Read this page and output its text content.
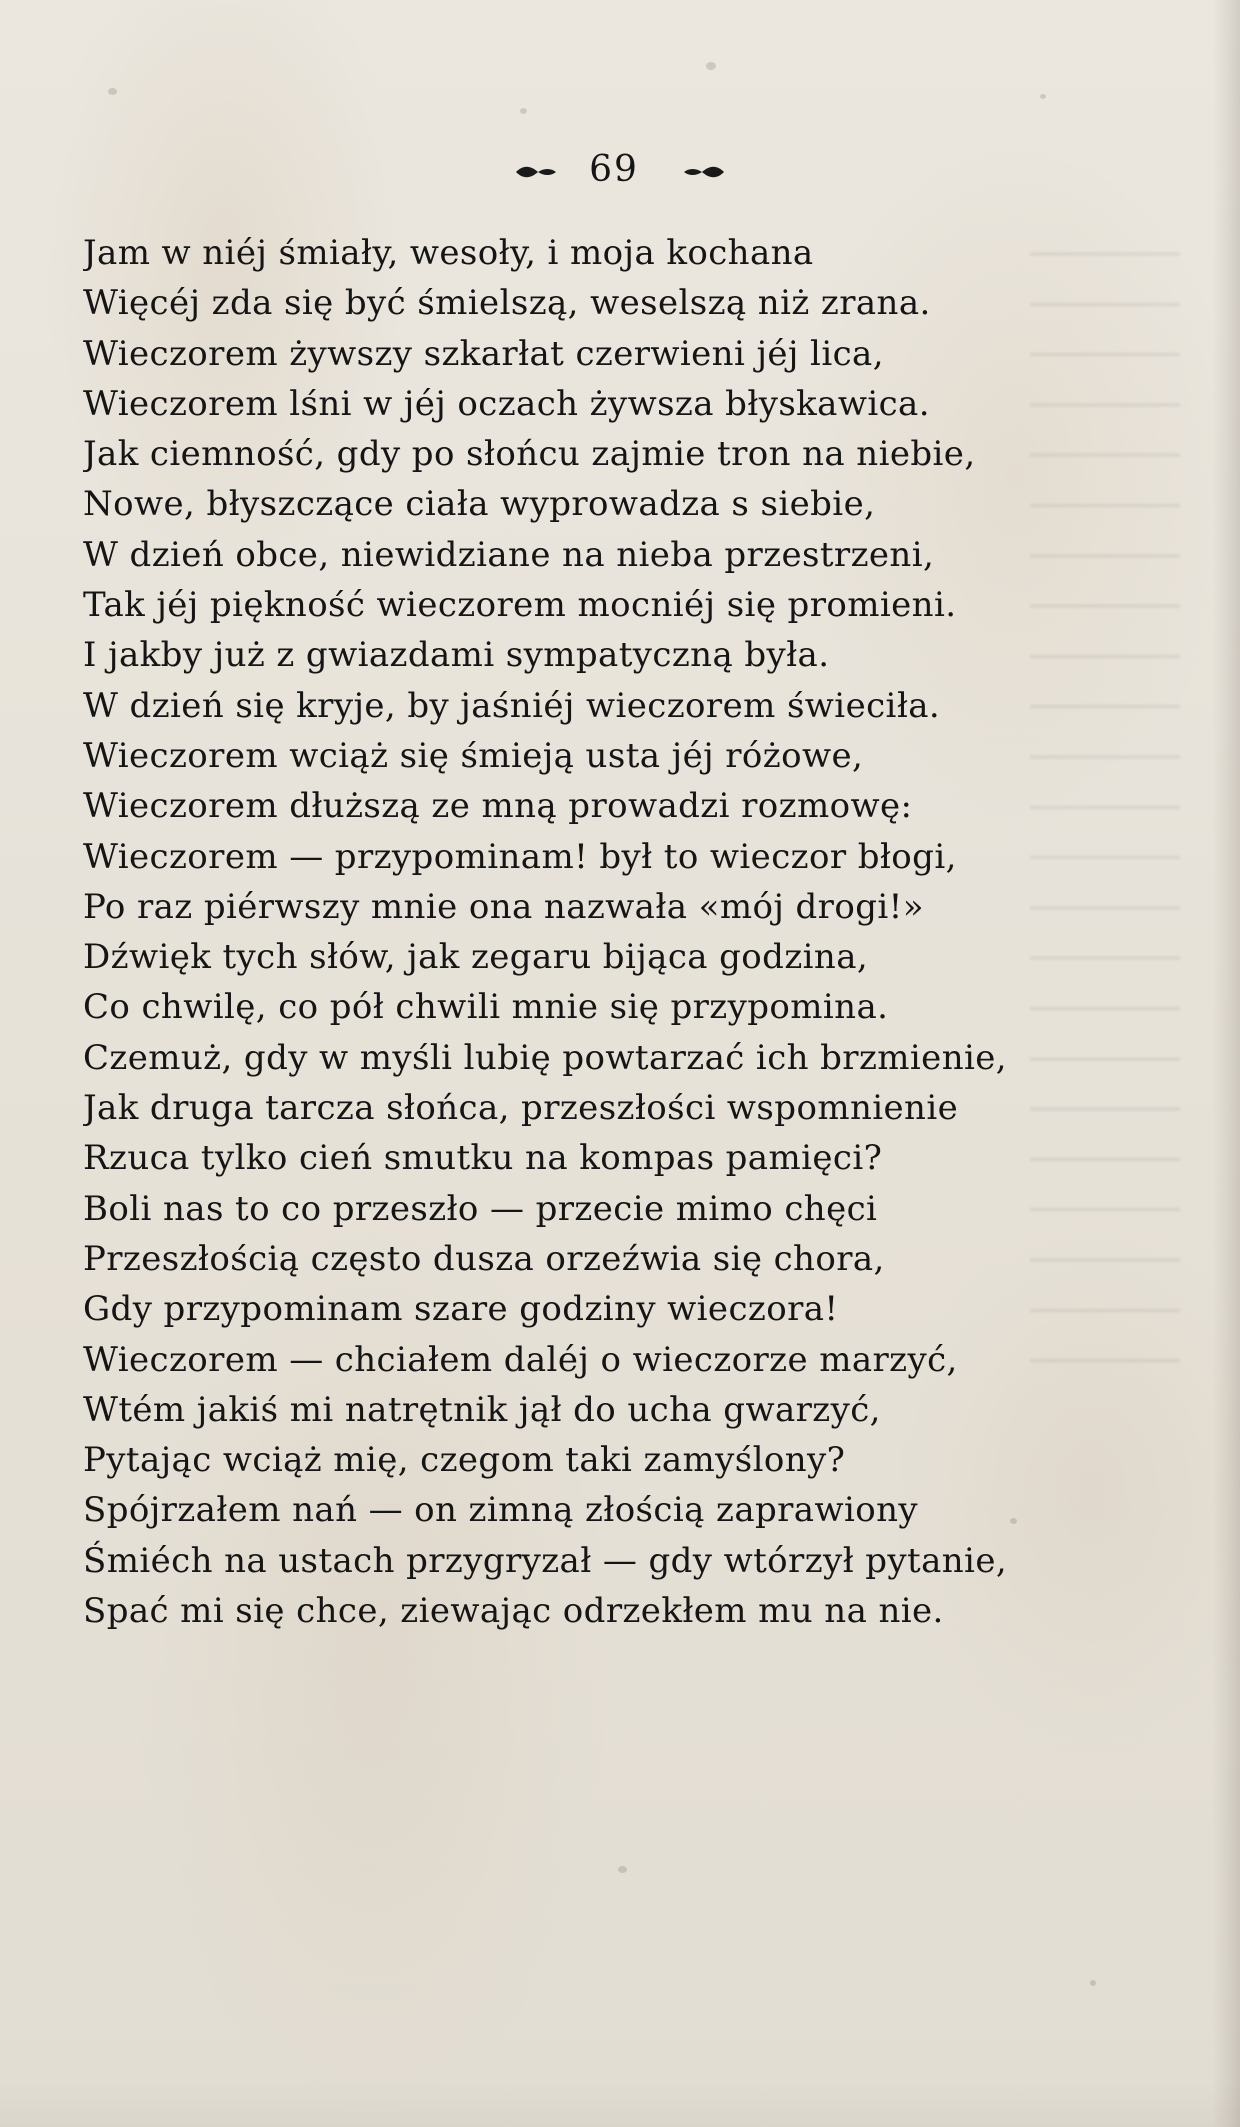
69
Jam w niéj śmiały, wesoły, i moja kochana
Więcéj zda się być śmielszą, weselszą niż zrana.
Wieczorem żywszy szkarłat czerwieni jéj lica,
Wieczorem lśni w jéj oczach żywsza błyskawica.
Jak ciemność, gdy po słońcu zajmie tron na niebie,
Nowe, błyszczące ciała wyprowadza s siebie,
W dzień obce, niewidziane na nieba przestrzeni,
Tak jéj piękność wieczorem mocniéj się promieni.
I jakby już z gwiazdami sympatyczną była.
W dzień się kryje, by jaśniéj wieczorem świeciła.
Wieczorem wciąż się śmieją usta jéj różowe,
Wieczorem dłuższą ze mną prowadzi rozmowę:
Wieczorem — przypominam! był to wieczor błogi,
Po raz piérwszy mnie ona nazwała «mój drogi!»
Dźwięk tych słów, jak zegaru bijąca godzina,
Co chwilę, co pół chwili mnie się przypomina.
Czemuż, gdy w myśli lubię powtarzać ich brzmienie,
Jak druga tarcza słońca, przeszłości wspomnienie
Rzuca tylko cień smutku na kompas pamięci?
Boli nas to co przeszło — przecie mimo chęci
Przeszłością często dusza orzeźwia się chora,
Gdy przypominam szare godziny wieczora!
Wieczorem — chciałem daléj o wieczorze marzyć,
Wtém jakiś mi natrętnik jął do ucha gwarzyć,
Pytając wciąż mię, czegom taki zamyślony?
Spójrzałem nań — on zimną złością zaprawiony
Śmiéch na ustach przygryzał — gdy wtórzył pytanie,
Spać mi się chce, ziewając odrzekłem mu na nie.
